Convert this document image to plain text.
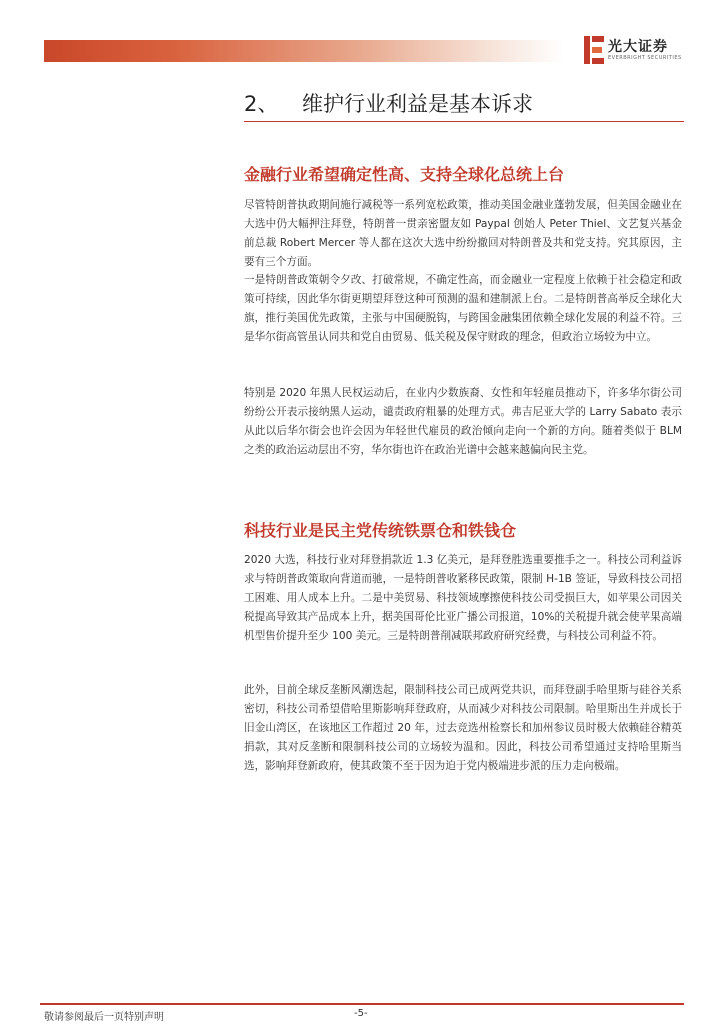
光大证券
EVERBRIGHT SECURITIES
2、 维护行业利益是基本诉求
金融行业希望确定性高、支持全球化总统上台

尽管特朗普执政期间施行减税等一系列宽松政策，推动美国金融业蓬勃发展，但美国金融业在大选中仍大幅押注拜登，特朗普一贯亲密盟友如 Paypal 创始人 Peter Thiel、文艺复兴基金前总裁 Robert Mercer 等人都在这次大选中纷纷撤回对特朗普及共和党支持。究其原因，主要有三个方面。

一是特朗普政策朝令夕改、打破常规，不确定性高，而金融业一定程度上依赖于社会稳定和政策可持续，因此华尔街更期望拜登这种可预测的温和建制派上台。二是特朗普高举反全球化大旗，推行美国优先政策，主张与中国硬脱钩，与跨国金融集团依赖全球化发展的利益不符。三是华尔街高管虽认同共和党自由贸易、低关税及保守财政的理念，但政治立场较为中立。

特别是 2020 年黑人民权运动后，在业内少数族裔、女性和年轻雇员推动下，许多华尔街公司纷纷公开表示接纳黑人运动，谴责政府粗暴的处理方式。弗吉尼亚大学的 Larry Sabato 表示从此以后华尔街会也许会因为年轻世代雇员的政治倾向走向一个新的方向。随着类似于 BLM 之类的政治运动层出不穷，华尔街也许在政治光谱中会越来越偏向民主党。

科技行业是民主党传统铁票仓和铁钱仓

2020 大选，科技行业对拜登捐款近 1.3 亿美元，是拜登胜选重要推手之一。科技公司利益诉求与特朗普政策取向背道而驰，一是特朗普收紧移民政策，限制 H-1B 签证，导致科技公司招工困难、用人成本上升。二是中美贸易、科技领域摩擦使科技公司受损巨大，如苹果公司因关税提高导致其产品成本上升，据美国哥伦比亚广播公司报道，10%的关税提升就会使苹果高端机型售价提升至少 100 美元。三是特朗普削减联邦政府研究经费，与科技公司利益不符。

此外，目前全球反垄断风潮迭起，限制科技公司已成两党共识，而拜登副手哈里斯与硅谷关系密切，科技公司希望借哈里斯影响拜登政府，从而减少对科技公司限制。哈里斯出生并成长于旧金山湾区，在该地区工作超过 20 年，过去竞选州检察长和加州参议员时极大依赖硅谷精英捐款，其对反垄断和限制科技公司的立场较为温和。因此，科技公司希望通过支持哈里斯当选，影响拜登新政府，使其政策不至于因为迫于党内极端进步派的压力走向极端。

敬请参阅最后一页特别声明	-5-
